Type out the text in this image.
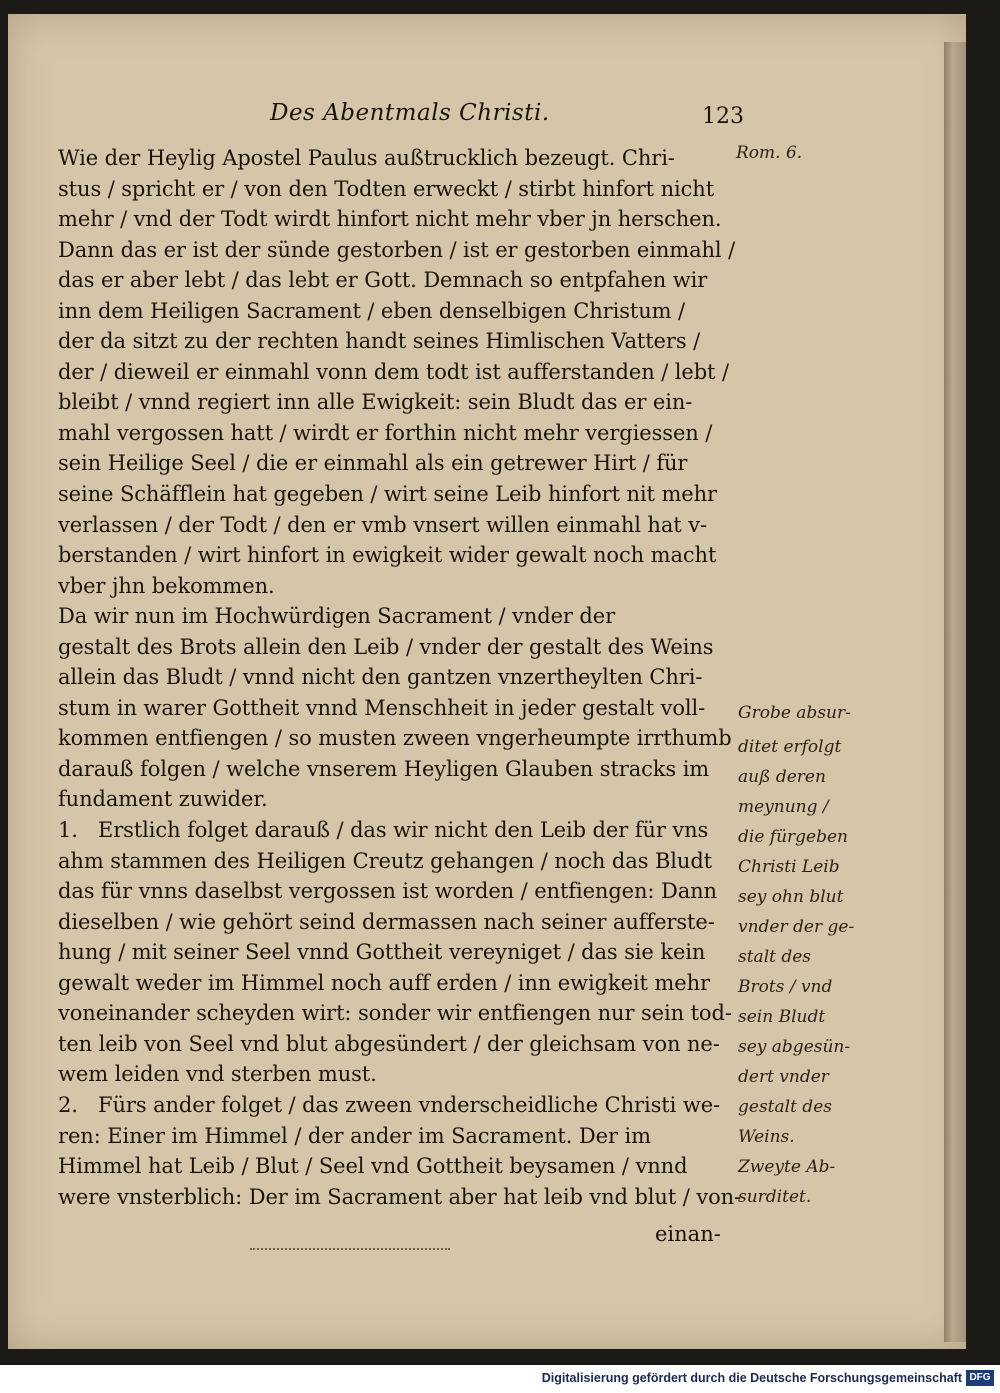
Des Abentmals Christi.	123
Wie der Heylig Apostel Paulus außtrucklich bezeugt. Chri-
stus / spricht er / von den Todten erweckt / stirbt hinfort nicht
mehr / vnd der Todt wirdt hinfort nicht mehr vber jn herschen.
Dann das er ist der sünde gestorben / ist er gestorben einmahl /
das er aber lebt / das lebt er Gott. Demnach so entpfahen wir
inn dem Heiligen Sacrament / eben denselbigen Christum /
der da sitzt zu der rechten handt seines Himlischen Vatters /
der / dieweil er einmahl vonn dem todt ist aufferstanden / lebt /
bleibt / vnnd regiert inn alle Ewigkeit: sein Bludt das er ein-
mahl vergossen hatt / wirdt er forthin nicht mehr vergiessen /
sein Heilige Seel / die er einmahl als ein getrewer Hirt / für
seine Schäfflein hat gegeben / wirt seine Leib hinfort nit mehr
verlassen / der Todt / den er vmb vnsert willen einmahl hat v-
berstanden / wirt hinfort in ewigkeit wider gewalt noch macht
vber jhn bekommen.
Da wir nun im Hochwürdigen Sacrament / vnder der
gestalt des Brots allein den Leib / vnder der gestalt des Weins
allein das Bludt / vnnd nicht den gantzen vnzertheylten Chri-
stum in warer Gottheit vnnd Menschheit in jeder gestalt voll-
kommen entfiengen / so musten zween vngerheumpte irrthumb
darauß folgen / welche vnserem Heyligen Glauben stracks im
fundament zuwider.
1. Erstlich folget darauß / das wir nicht den Leib der für vns
ahm stammen des Heiligen Creutz gehangen / noch das Bludt
das für vnns daselbst vergossen ist worden / entfiengen: Dann
dieselben / wie gehört seind dermassen nach seiner aufferste-
hung / mit seiner Seel vnnd Gottheit vereyniget / das sie kein
gewalt weder im Himmel noch auff erden / inn ewigkeit mehr
voneinander scheyden wirt: sonder wir entfiengen nur sein tod-
ten leib von Seel vnd blut abgesündert / der gleichsam von ne-
wem leiden vnd sterben must.
2. Fürs ander folget / das zween vnderscheidliche Christi we-
ren: Einer im Himmel / der ander im Sacrament. Der im
Himmel hat Leib / Blut / Seel vnd Gottheit beysamen / vnnd
were vnsterblich: Der im Sacrament aber hat leib vnd blut / von-
Rom. 6.
Grobe absur-
ditet erfolgt
auß deren
meynung /
die fürgeben
Christi Leib
sey ohn blut
vnder der ge-
stalt des
Brots / vnd
sein Bludt
sey abgesün-
dert vnder
gestalt des
Weins.
Zweyte Ab-
surditet.
einan-
Digitalisierung gefördert durch die Deutsche Forschungsgemeinschaft DFG
